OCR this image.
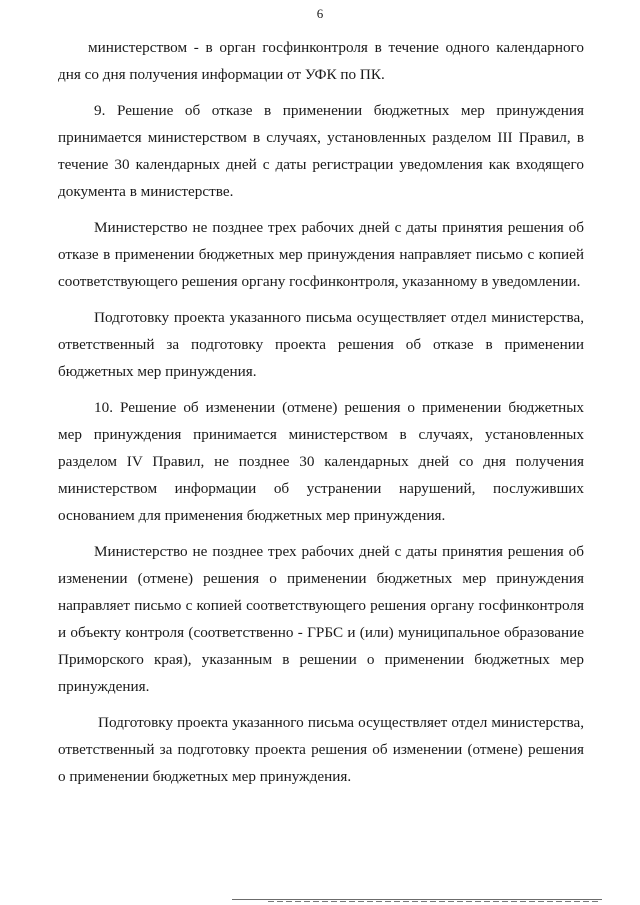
6

министерством - в орган госфинконтроля в течение одного календарного дня со дня получения информации от УФК по ПК.

9. Решение об отказе в применении бюджетных мер принуждения принимается министерством в случаях, установленных разделом III Правил, в течение 30 календарных дней с даты регистрации уведомления как входящего документа в министерстве.

Министерство не позднее трех рабочих дней с даты принятия решения об отказе в применении бюджетных мер принуждения направляет письмо с копией соответствующего решения органу госфинконтроля, указанному в уведомлении.

Подготовку проекта указанного письма осуществляет отдел министерства, ответственный за подготовку проекта решения об отказе в применении бюджетных мер принуждения.

10. Решение об изменении (отмене) решения о применении бюджетных мер принуждения принимается министерством в случаях, установленных разделом IV Правил, не позднее 30 календарных дней со дня получения министерством информации об устранении нарушений, послуживших основанием для применения бюджетных мер принуждения.

Министерство не позднее трех рабочих дней с даты принятия решения об изменении (отмене) решения о применении бюджетных мер принуждения направляет письмо с копией соответствующего решения органу госфинконтроля и объекту контроля (соответственно - ГРБС и (или) муниципальное образование Приморского края), указанным в решении о применении бюджетных мер принуждения.

Подготовку проекта указанного письма осуществляет отдел министерства, ответственный за подготовку проекта решения об изменении (отмене) решения о применении бюджетных мер принуждения.
